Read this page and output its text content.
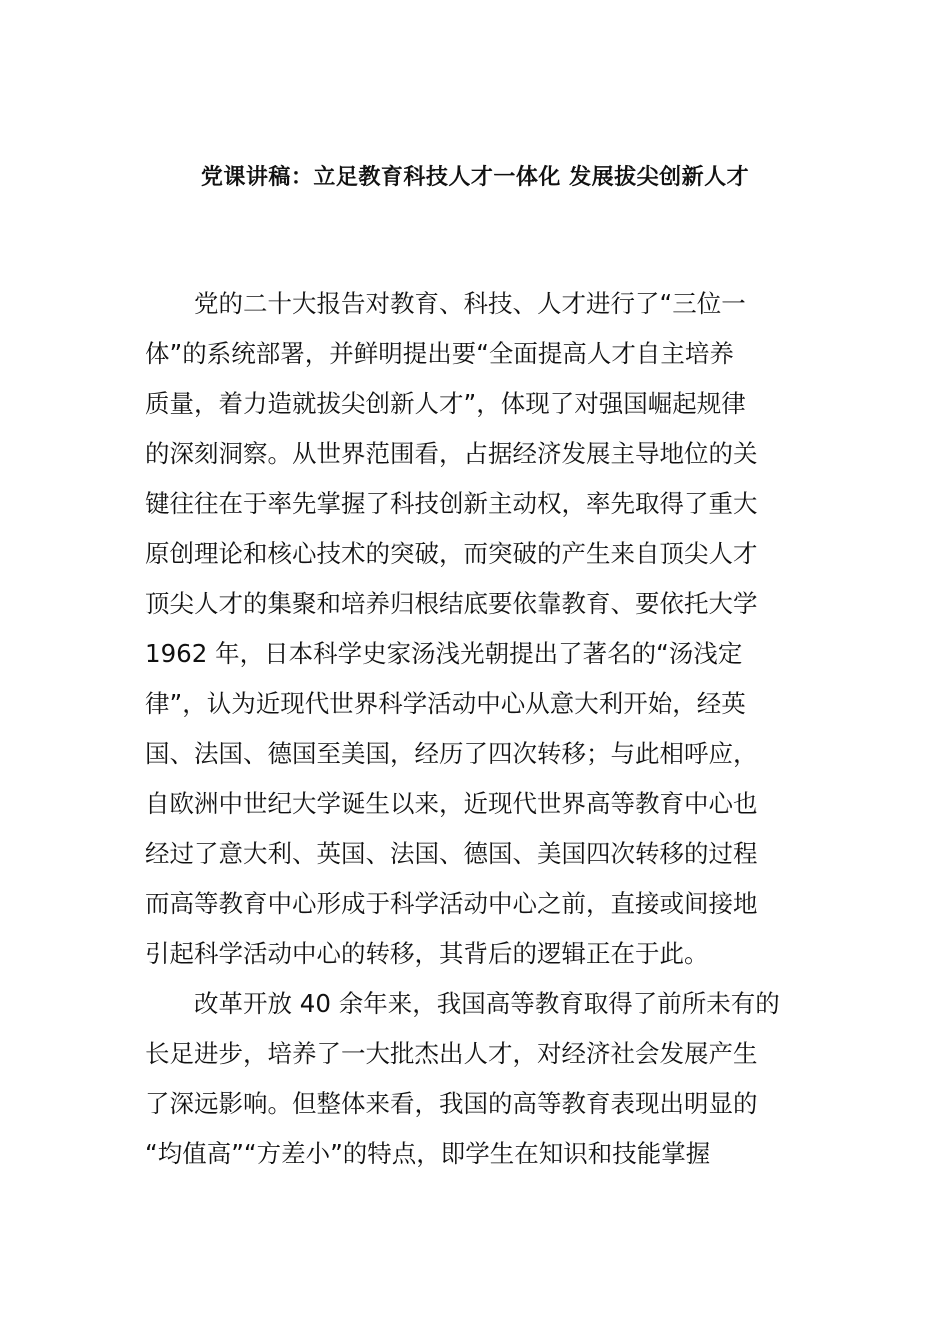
党课讲稿：立足教育科技人才一体化 发展拔尖创新人才
党的二十大报告对教育、科技、人才进行了“三位一
体”的系统部署，并鲜明提出要“全面提高人才自主培养
质量，着力造就拔尖创新人才”，体现了对强国崛起规律
的深刻洞察。从世界范围看，占据经济发展主导地位的关
键往往在于率先掌握了科技创新主动权，率先取得了重大
原创理论和核心技术的突破，而突破的产生来自顶尖人才
顶尖人才的集聚和培养归根结底要依靠教育、要依托大学
1962 年，日本科学史家汤浅光朝提出了著名的“汤浅定
律”，认为近现代世界科学活动中心从意大利开始，经英
国、法国、德国至美国，经历了四次转移；与此相呼应，
自欧洲中世纪大学诞生以来，近现代世界高等教育中心也
经过了意大利、英国、法国、德国、美国四次转移的过程
而高等教育中心形成于科学活动中心之前，直接或间接地
引起科学活动中心的转移，其背后的逻辑正在于此。
改革开放 40 余年来，我国高等教育取得了前所未有的
长足进步，培养了一大批杰出人才，对经济社会发展产生
了深远影响。但整体来看，我国的高等教育表现出明显的
“均值高”“方差小”的特点，即学生在知识和技能掌握
